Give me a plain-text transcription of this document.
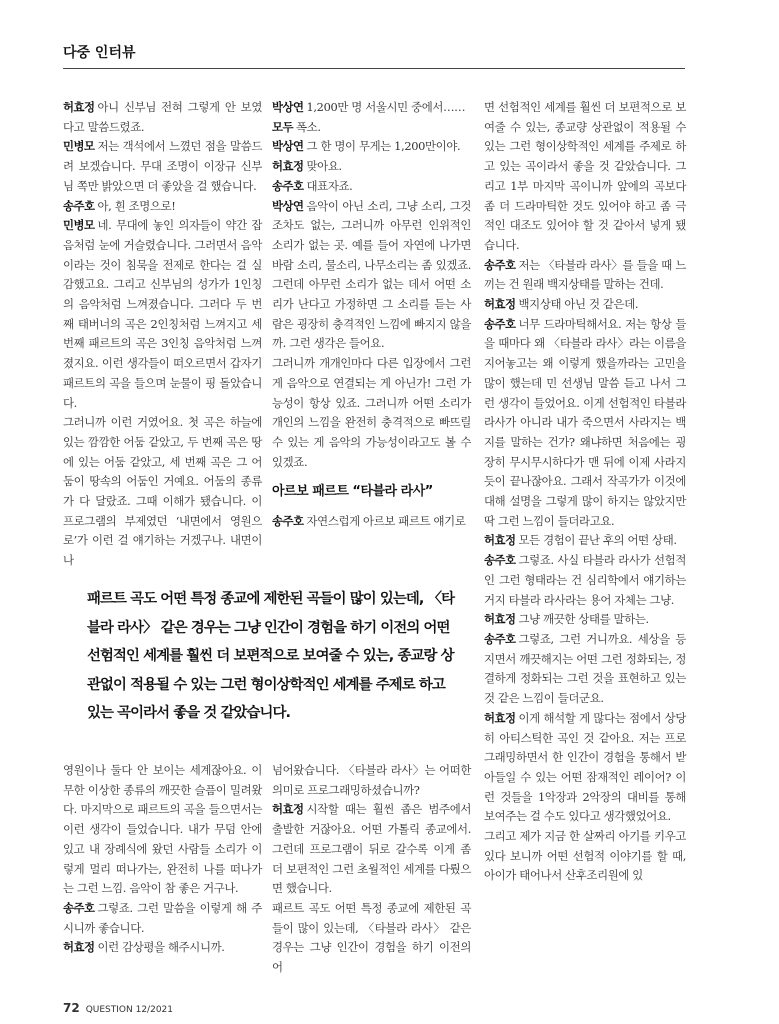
다중 인터뷰

허효정 아니 신부님 전혀 그렇게 안 보였다고 말씀드렸죠.

민병모 저는 객석에서 느꼈던 점을 말씀드려 보겠습니다. 무대 조명이 이장규 신부님 쪽만 밝았으면 더 좋았을 걸 했습니다.

송주호 아, 흰 조명으로!

민병모 네. 무대에 놓인 의자들이 약간 잡음처럼 눈에 거슬렸습니다. 그러면서 음악이라는 것이 침묵을 전제로 한다는 걸 실감했고요. 그리고 신부님의 성가가 1인칭의 음악처럼 느껴졌습니다. 그러다 두 번째 태버너의 곡은 2인칭처럼 느껴지고 세 번째 패르트의 곡은 3인칭 음악처럼 느껴졌지요. 이런 생각들이 떠오르면서 갑자기 패르트의 곡을 들으며 눈물이 핑 돌았습니다.

그러니까 이런 거였어요. 첫 곡은 하늘에 있는 깜깜한 어둠 같았고, 두 번째 곡은 땅에 있는 어둠 같았고, 세 번째 곡은 그 어둠이 땅속의 어둠인 거예요. 어둠의 종류가 다 달랐죠. 그때 이해가 됐습니다. 이 프로그램의 부제였던 ‘내면에서 영원으로’가 이런 걸 얘기하는 거겠구나. 내면이나

박상연 1,200만 명 서울시민 중에서……

모두 폭소.

박상연 그 한 명이 무게는 1,200만이야.

허효정 맞아요.

송주호 대표자죠.

박상연 음악이 아닌 소리, 그냥 소리, 그것조차도 없는, 그러니까 아무런 인위적인 소리가 없는 곳. 예를 들어 자연에 나가면 바람 소리, 물소리, 나무소리는 좀 있겠죠. 그런데 아무런 소리가 없는 데서 어떤 소리가 난다고 가정하면 그 소리를 듣는 사람은 굉장히 충격적인 느낌에 빠지지 않을까. 그런 생각은 들어요.

그러니까 개개인마다 다른 입장에서 그런 게 음악으로 연결되는 게 아닌가! 그런 가능성이 항상 있죠. 그러니까 어떤 소리가 개인의 느낌을 완전히 충격적으로 빠뜨릴 수 있는 게 음악의 가능성이라고도 볼 수 있겠죠.

아르보 패르트 “타블라 라사”

송주호 자연스럽게 아르보 패르트 얘기로

면 선험적인 세계를 훨씬 더 보편적으로 보여줄 수 있는, 종교량 상관없이 적용될 수 있는 그런 형이상학적인 세계를 주제로 하고 있는 곡이라서 좋을 것 같았습니다. 그리고 1부 마지막 곡이니까 앞에의 곡보다 좀 더 드라마틱한 것도 있어야 하고 좀 극적인 대조도 있어야 할 것 같아서 넣게 됐습니다.

송주호 저는 〈타블라 라사〉를 들을 때 느끼는 건 원래 백지상태를 말하는 건데.

허효정 백지상태 아닌 것 같은데.

송주호 너무 드라마틱해서요. 저는 항상 들을 때마다 왜 〈타블라 라사〉라는 이름을 지어놓고는 왜 이렇게 했을까라는 고민을 많이 했는데 민 선생님 말씀 듣고 나서 그런 생각이 들었어요. 이게 선험적인 타블라 라사가 아니라 내가 죽으면서 사라지는 백지를 말하는 건가? 왜냐하면 처음에는 굉장히 무시무시하다가 맨 뒤에 이제 사라지듯이 끝나잖아요. 그래서 작곡가가 이것에 대해 설명을 그렇게 많이 하지는 않았지만 딱 그런 느낌이 들더라고요.

허효정 모든 경험이 끝난 후의 어떤 상태.

송주호 그렇죠. 사실 타블라 라사가 선험적인 그런 형태라는 건 심리학에서 얘기하는 거지 타블라 라사라는 용어 자체는 그냥.

허효정 그냥 깨끗한 상태를 말하는.

송주호 그렇죠, 그런 거니까요. 세상을 등지면서 깨끗해지는 어떤 그런 정화되는, 정결하게 정화되는 그런 것을 표현하고 있는 것 같은 느낌이 들더군요.

허효정 이게 해석할 게 많다는 점에서 상당히 아티스틱한 곡인 것 같아요. 저는 프로그래밍하면서 한 인간이 경험을 통해서 받아들일 수 있는 어떤 잠재적인 레이어? 이런 것들을 1악장과 2악장의 대비를 통해 보여주는 걸 수도 있다고 생각했었어요.

그리고 제가 지금 한 살짜리 아기를 키우고 있다 보니까 어떤 선험적 이야기를 할 때, 아이가 태어나서 산후조리원에 있

패르트 곡도 어떤 특정 종교에 제한된 곡들이 많이 있는데, 〈타블라 라사〉 같은 경우는 그냥 인간이 경험을 하기 이전의 어떤 선험적인 세계를 훨씬 더 보편적으로 보여줄 수 있는, 종교랑 상관없이 적용될 수 있는 그런 형이상학적인 세계를 주제로 하고 있는 곡이라서 좋을 것 같았습니다.

영원이나 둘다 안 보이는 세계잖아요. 이 무한 이상한 종류의 깨끗한 슬픔이 밀려왔다. 마지막으로 패르트의 곡을 들으면서는 이런 생각이 들었습니다. 내가 무덤 안에 있고 내 장례식에 왔던 사람들 소리가 이렇게 멀리 떠나가는, 완전히 나를 떠나가는 그런 느낌. 음악이 참 좋은 거구나.

송주호 그렇죠. 그런 말씀을 이렇게 해 주시니까 좋습니다.

허효정 이런 감상평을 해주시니까.

넘어왔습니다. 〈타블라 라사〉는 어떠한 의미로 프로그래밍하셨습니까?

허효정 시작할 때는 훨씬 좁은 범주에서 출발한 거잖아요. 어떤 가톨릭 종교에서. 그런데 프로그램이 뒤로 갈수록 이게 좀 더 보편적인 그런 초월적인 세계를 다뤘으면 했습니다.

패르트 곡도 어떤 특정 종교에 제한된 곡들이 많이 있는데, 〈타블라 라사〉 같은 경우는 그냥 인간이 경험을 하기 이전의 어

72 QUESTION 12/2021
